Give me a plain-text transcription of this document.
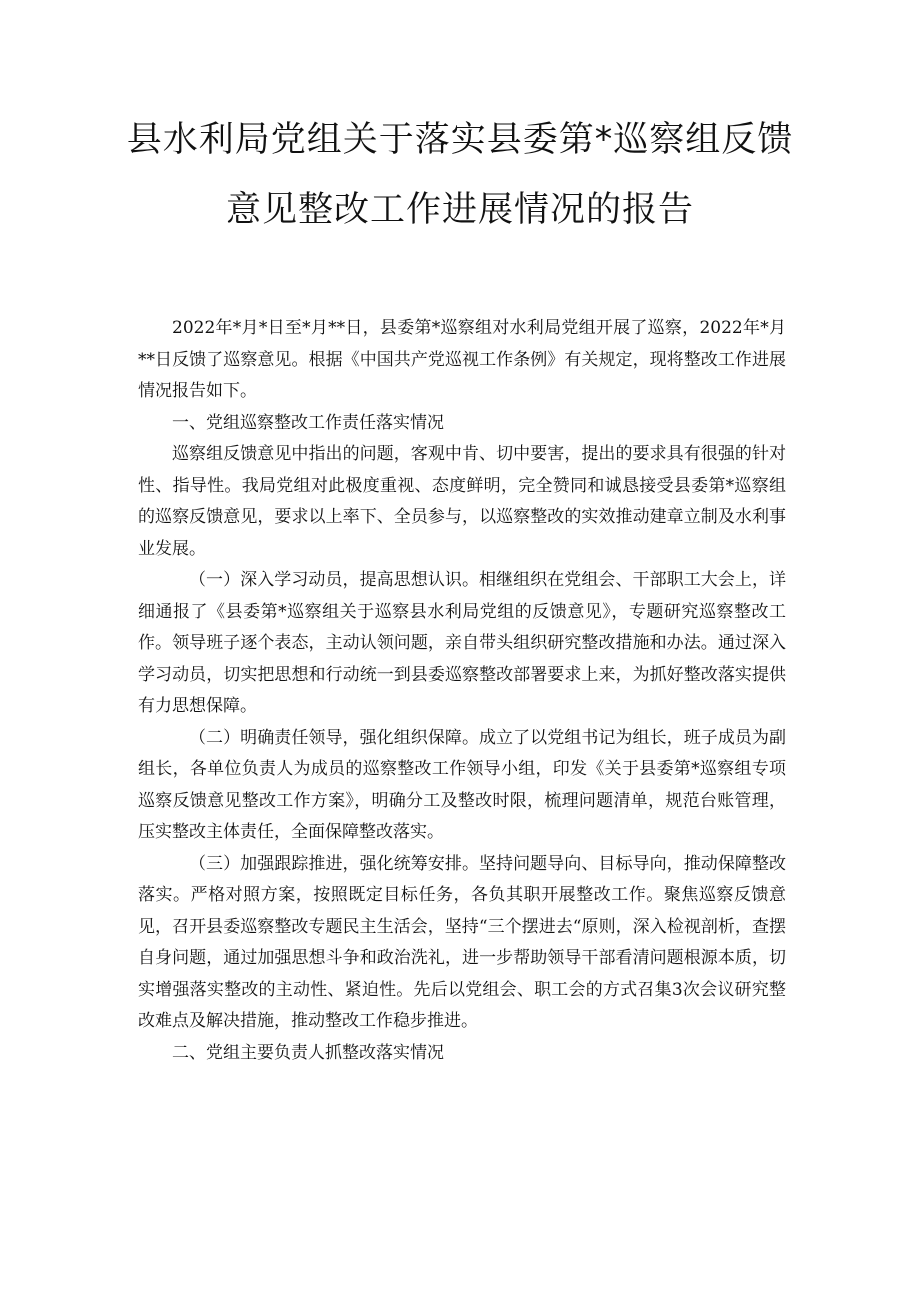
县水利局党组关于落实县委第*巡察组反馈
意见整改工作进展情况的报告

2022年*月*日至*月**日，县委第*巡察组对水利局党组开展了巡察，2022年*月**日反馈了巡察意见。根据《中国共产党巡视工作条例》有关规定，现将整改工作进展情况报告如下。

一、党组巡察整改工作责任落实情况

巡察组反馈意见中指出的问题，客观中肯、切中要害，提出的要求具有很强的针对性、指导性。我局党组对此极度重视、态度鲜明，完全赞同和诚恳接受县委第*巡察组的巡察反馈意见，要求以上率下、全员参与，以巡察整改的实效推动建章立制及水利事业发展。

（一）深入学习动员，提高思想认识。相继组织在党组会、干部职工大会上，详细通报了《县委第*巡察组关于巡察县水利局党组的反馈意见》，专题研究巡察整改工作。领导班子逐个表态，主动认领问题，亲自带头组织研究整改措施和办法。通过深入学习动员，切实把思想和行动统一到县委巡察整改部署要求上来，为抓好整改落实提供有力思想保障。

（二）明确责任领导，强化组织保障。成立了以党组书记为组长，班子成员为副组长，各单位负责人为成员的巡察整改工作领导小组，印发《关于县委第*巡察组专项巡察反馈意见整改工作方案》，明确分工及整改时限，梳理问题清单，规范台账管理，压实整改主体责任，全面保障整改落实。

（三）加强跟踪推进，强化统筹安排。坚持问题导向、目标导向，推动保障整改落实。严格对照方案，按照既定目标任务，各负其职开展整改工作。聚焦巡察反馈意见，召开县委巡察整改专题民主生活会，坚持“三个摆进去“原则，深入检视剖析，查摆自身问题，通过加强思想斗争和政治洗礼，进一步帮助领导干部看清问题根源本质，切实增强落实整改的主动性、紧迫性。先后以党组会、职工会的方式召集3次会议研究整改难点及解决措施，推动整改工作稳步推进。

二、党组主要负责人抓整改落实情况
